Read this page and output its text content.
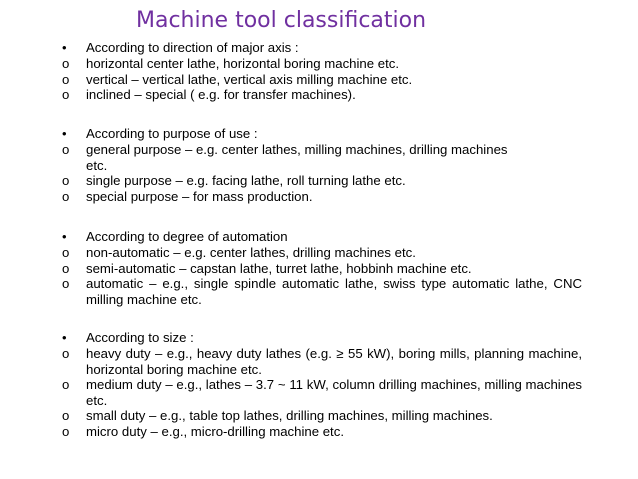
Machine tool classification
• According to direction of major axis :
o horizontal center lathe, horizontal boring machine etc.
o vertical – vertical lathe, vertical axis milling machine etc.
o inclined – special ( e.g. for transfer machines).
• According to purpose of use :
o general purpose – e.g. center lathes, milling machines, drilling machines etc.
o single purpose – e.g. facing lathe, roll turning lathe etc.
o special purpose – for mass production.
• According to degree of automation
o non-automatic – e.g. center lathes, drilling machines etc.
o semi-automatic – capstan lathe, turret lathe, hobbinh machine etc.
o automatic – e.g., single spindle automatic lathe, swiss type automatic lathe, CNC milling machine etc.
• According to size :
o heavy duty – e.g., heavy duty lathes (e.g. ≥ 55 kW), boring mills, planning machine, horizontal boring machine etc.
o medium duty – e.g., lathes – 3.7 ~ 11 kW, column drilling machines, milling machines etc.
o small duty – e.g., table top lathes, drilling machines, milling machines.
o micro duty – e.g., micro-drilling machine etc.
